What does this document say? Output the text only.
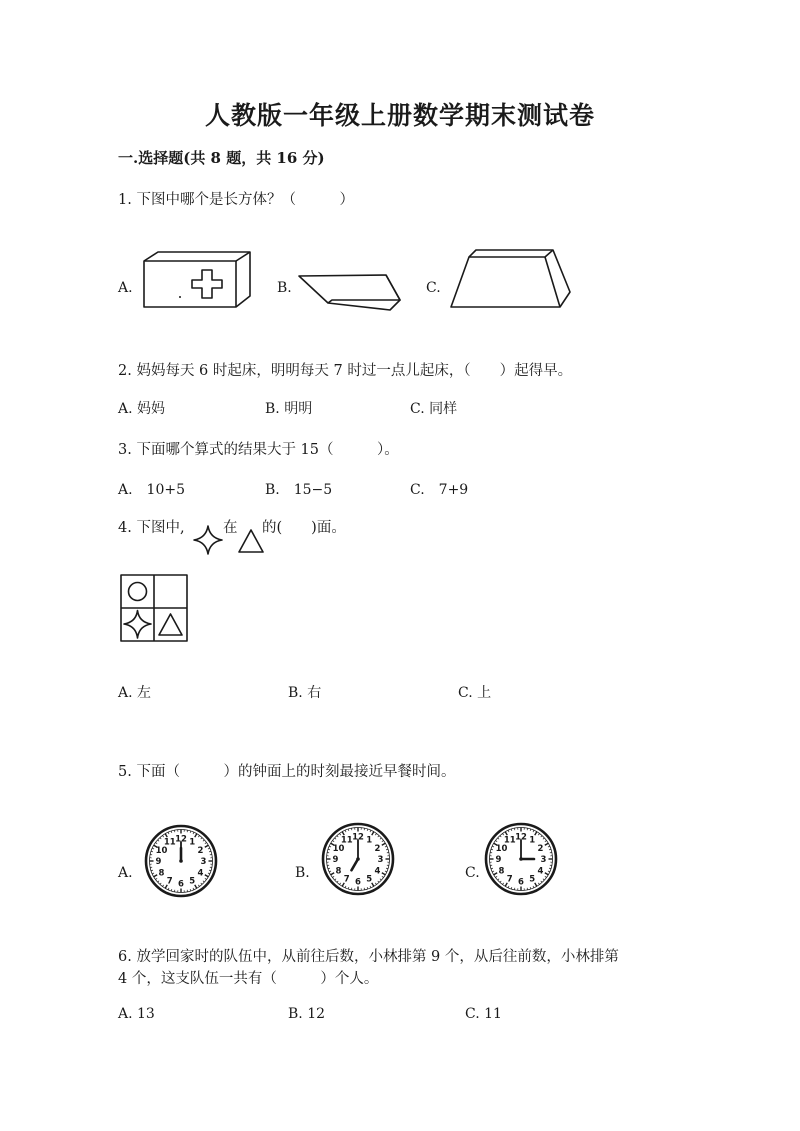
人教版一年级上册数学期末测试卷
一.选择题(共 8 题，共 16 分)
1. 下图中哪个是长方体？（　　　）
A.	B.	C.
2. 妈妈每天 6 时起床，明明每天 7 时过一点儿起床，（　　）起得早。
A. 妈妈	B. 明明	C. 同样
3. 下面哪个算式的结果大于 15（　　　）。
A.　10+5	B.　15−5	C.　7+9
4. 下图中,	在 的(　　)面。
A. 左	B. 右	C. 上
5. 下面（　　　）的钟面上的时刻最接近早餐时间。
A.
12 1
2
3
4
5
6
7
8
9
10
11
B.
12 1
2
3
4
5
6
7
8
9
10
11
C.
12 1
2
3
4
5
6
7
8
9
10
11
6. 放学回家时的队伍中，从前往后数，小林排第 9 个，从后往前数，小林排第
4 个，这支队伍一共有（　　　）个人。
A. 13	B. 12	C. 11
